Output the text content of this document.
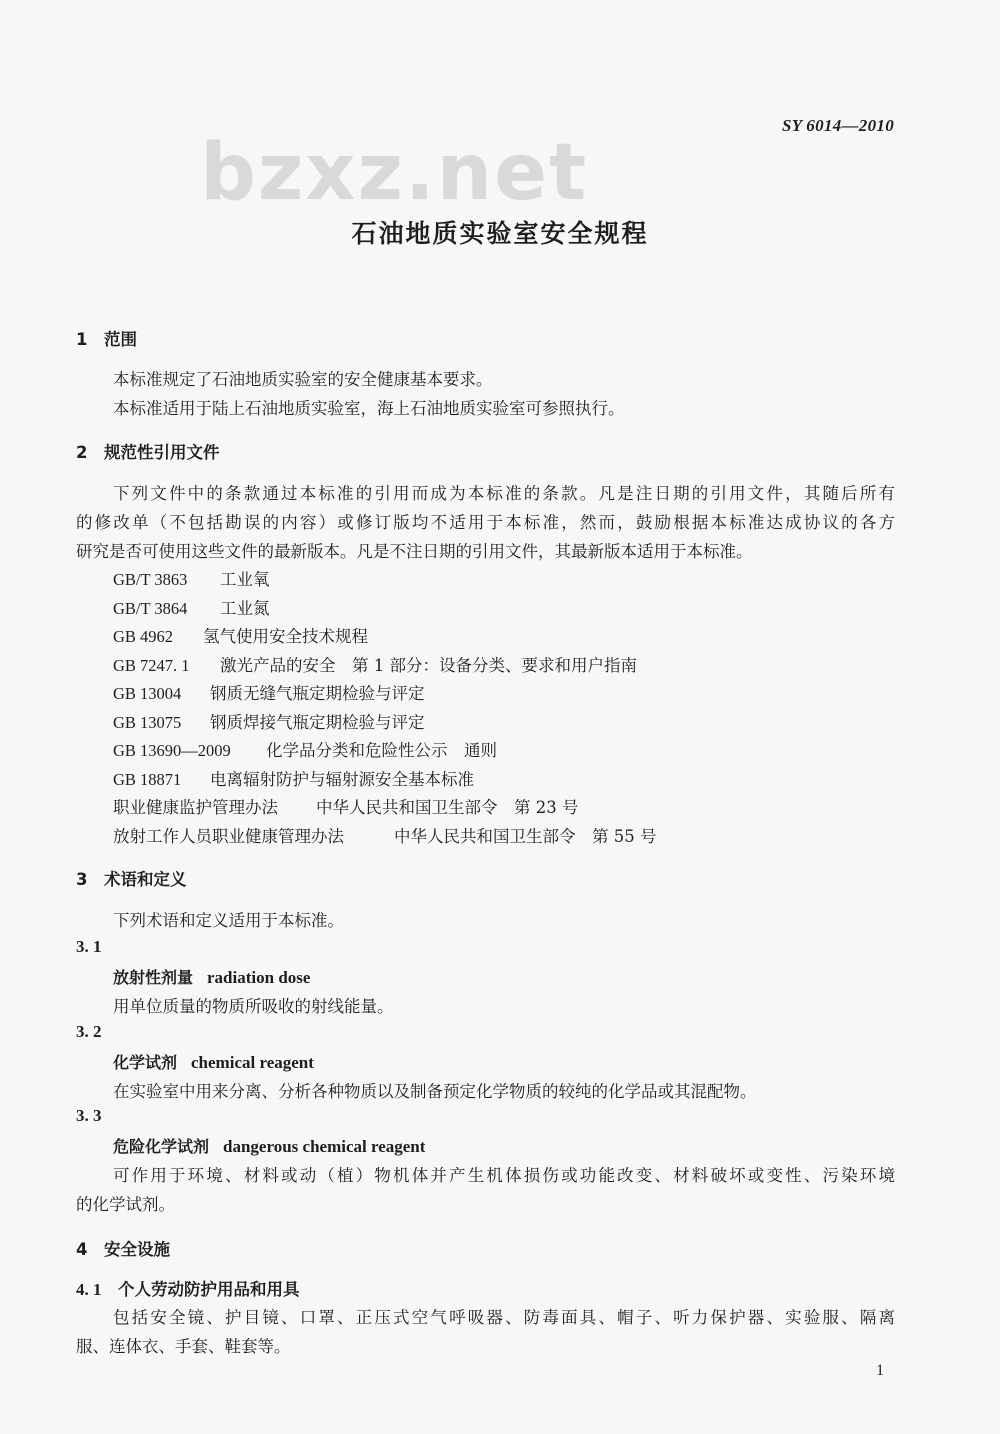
SY 6014—2010
bzxz.net
石油地质实验室安全规程
1 范围
本标准规定了石油地质实验室的安全健康基本要求。
本标准适用于陆上石油地质实验室，海上石油地质实验室可参照执行。
2 规范性引用文件
下列文件中的条款通过本标准的引用而成为本标准的条款。凡是注日期的引用文件，其随后所有
的修改单（不包括勘误的内容）或修订版均不适用于本标准，然而，鼓励根据本标准达成协议的各方
研究是否可使用这些文件的最新版本。凡是不注日期的引用文件，其最新版本适用于本标准。
GB/T 3863 工业氧
GB/T 3864 工业氮
GB 4962 氢气使用安全技术规程
GB 7247. 1 激光产品的安全　第 1 部分：设备分类、要求和用户指南
GB 13004 钢质无缝气瓶定期检验与评定
GB 13075 钢质焊接气瓶定期检验与评定
GB 13690—2009 化学品分类和危险性公示　通则
GB 18871 电离辐射防护与辐射源安全基本标准
职业健康监护管理办法 中华人民共和国卫生部令　第 23 号
放射工作人员职业健康管理办法	中华人民共和国卫生部令　第 55 号
3 术语和定义
下列术语和定义适用于本标准。
3. 1
放射性剂量 radiation dose
用单位质量的物质所吸收的射线能量。
3. 2
化学试剂 chemical reagent
在实验室中用来分离、分析各种物质以及制备预定化学物质的较纯的化学品或其混配物。
3. 3
危险化学试剂 dangerous chemical reagent
可作用于环境、材料或动（植）物机体并产生机体损伤或功能改变、材料破坏或变性、污染环境
的化学试剂。
4 安全设施
4. 1 个人劳动防护用品和用具
包括安全镜、护目镜、口罩、正压式空气呼吸器、防毒面具、帽子、听力保护器、实验服、隔离
服、连体衣、手套、鞋套等。
1
